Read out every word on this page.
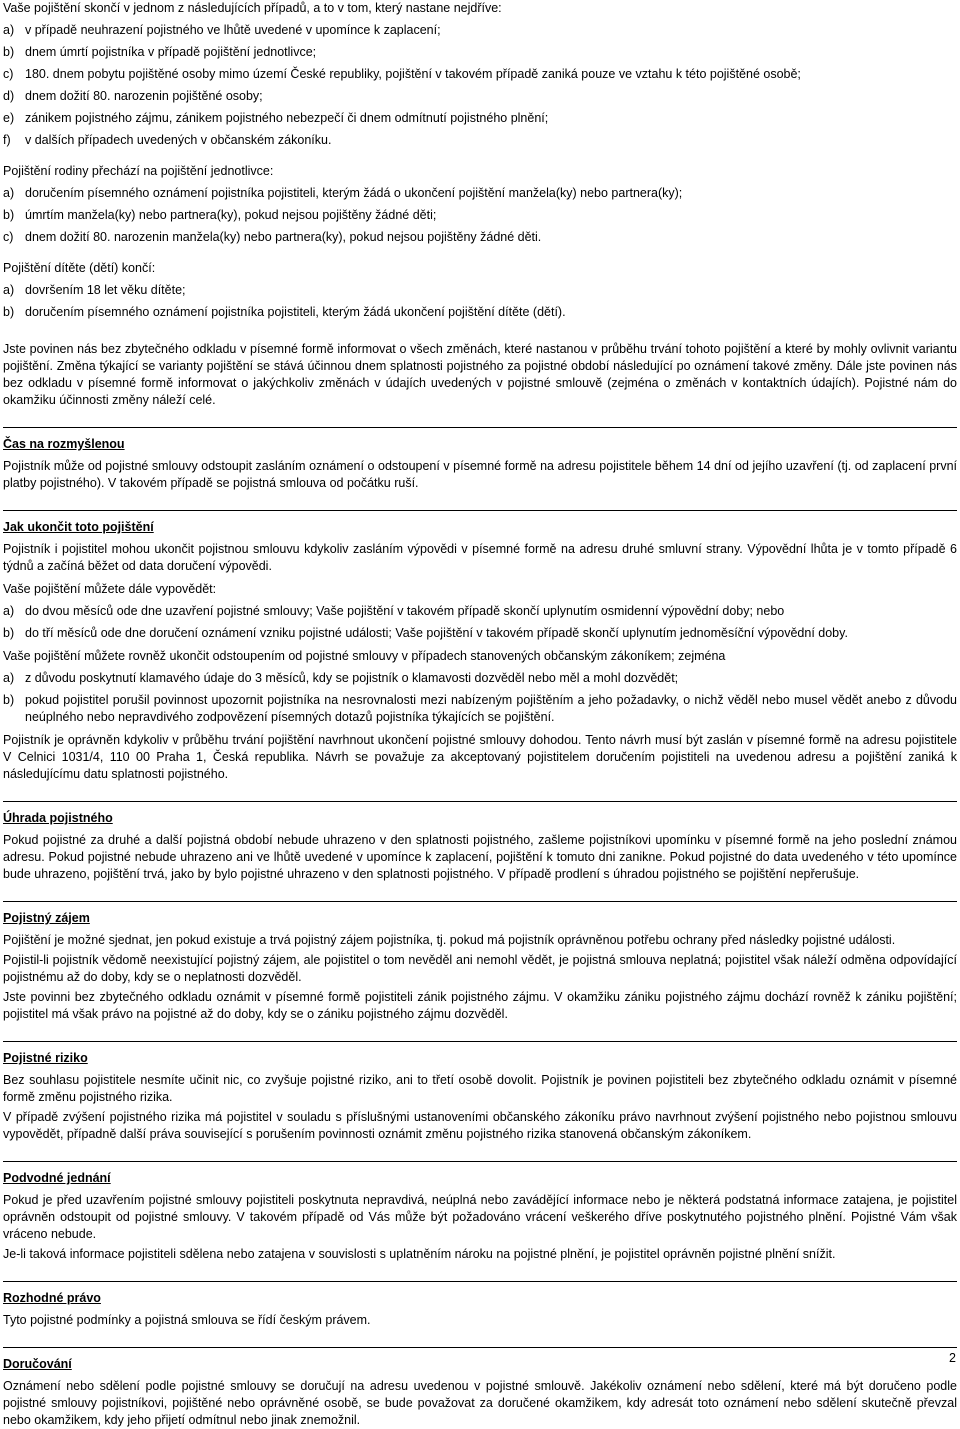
Vaše pojištění skončí v jednom z následujících případů, a to v tom, který nastane nejdříve:

a) v případě neuhrazení pojistného ve lhůtě uvedené v upomínce k zaplacení;
b) dnem úmrtí pojistníka v případě pojištění jednotlivce;
c) 180. dnem pobytu pojištěné osoby mimo území České republiky, pojištění v takovém případě zaniká pouze ve vztahu k této pojištěné osobě;
d) dnem dožití 80. narozenin pojištěné osoby;
e) zánikem pojistného zájmu, zánikem pojistného nebezpečí či dnem odmítnutí pojistného plnění;
f)	v dalších případech uvedených v občanském zákoníku.

Pojištění rodiny přechází na pojištění jednotlivce:

a) doručením písemného oznámení pojistníka pojistiteli, kterým žádá o ukončení pojištění manžela(ky) nebo partnera(ky);
b) úmrtím manžela(ky) nebo partnera(ky), pokud nejsou pojištěny žádné děti;
c) dnem dožití 80. narozenin manžela(ky) nebo partnera(ky), pokud nejsou pojištěny žádné děti.

Pojištění dítěte (dětí) končí:

a) dovršením 18 let věku dítěte;
b) doručením písemného oznámení pojistníka pojistiteli, kterým žádá ukončení pojištění dítěte (dětí).

Jste povinen nás bez zbytečného odkladu v písemné formě informovat o všech změnách, které nastanou v průběhu trvání tohoto pojištění a které by mohly ovlivnit variantu pojištění. Změna týkající se varianty pojištění se stává účinnou dnem splatnosti pojistného za pojistné období následující po oznámení takové změny. Dále jste povinen nás bez odkladu v písemné formě informovat o jakýchkoliv změnách v údajích uvedených v pojistné smlouvě (zejména o změnách v kontaktních údajích). Pojistné nám do okamžiku účinnosti změny náleží celé.

Čas na rozmyšlenou

Pojistník může od pojistné smlouvy odstoupit zasláním oznámení o odstoupení v písemné formě na adresu pojistitele během 14 dní od jejího uzavření (tj. od zaplacení první platby pojistného). V takovém případě se pojistná smlouva od počátku ruší.

Jak ukončit toto pojištění

Pojistník i pojistitel mohou ukončit pojistnou smlouvu kdykoliv zasláním výpovědi v písemné formě na adresu druhé smluvní strany. Výpovědní lhůta je v tomto případě 6 týdnů a začíná běžet od data doručení výpovědi.

Vaše pojištění můžete dále vypovědět:

a) do dvou měsíců ode dne uzavření pojistné smlouvy; Vaše pojištění v takovém případě skončí uplynutím osmidenní výpovědní doby; nebo
b) do tří měsíců ode dne doručení oznámení vzniku pojistné události; Vaše pojištění v takovém případě skončí uplynutím jednoměsíční výpovědní doby.

Vaše pojištění můžete rovněž ukončit odstoupením od pojistné smlouvy v případech stanovených občanským zákoníkem; zejména

a) z důvodu poskytnutí klamavého údaje do 3 měsíců, kdy se pojistník o klamavosti dozvěděl nebo měl a mohl dozvědět;
b) pokud pojistitel porušil povinnost upozornit pojistníka na nesrovnalosti mezi nabízeným pojištěním a jeho požadavky, o nichž věděl nebo musel vědět anebo z důvodu neúplného nebo nepravdivého zodpovězení písemných dotazů pojistníka týkajících se pojištění.

Pojistník je oprávněn kdykoliv v průběhu trvání pojištění navrhnout ukončení pojistné smlouvy dohodou. Tento návrh musí být zaslán v písemné formě na adresu pojistitele V Celnici 1031/4, 110 00 Praha 1, Česká republika. Návrh se považuje za akceptovaný pojistitelem doručením pojistiteli na uvedenou adresu a pojištění zaniká k následujícímu datu splatnosti pojistného.

Úhrada pojistného

Pokud pojistné za druhé a další pojistná období nebude uhrazeno v den splatnosti pojistného, zašleme pojistníkovi upomínku v písemné formě na jeho poslední známou adresu. Pokud pojistné nebude uhrazeno ani ve lhůtě uvedené v upomínce k zaplacení, pojištění k tomuto dni zanikne. Pokud pojistné do data uvedeného v této upomínce bude uhrazeno, pojištění trvá, jako by bylo pojistné uhrazeno v den splatnosti pojistného. V případě prodlení s úhradou pojistného se pojištění nepřerušuje.

Pojistný zájem

Pojištění je možné sjednat, jen pokud existuje a trvá pojistný zájem pojistníka, tj. pokud má pojistník oprávněnou potřebu ochrany před následky pojistné události.

Pojistil-li pojistník vědomě neexistující pojistný zájem, ale pojistitel o tom nevěděl ani nemohl vědět, je pojistná smlouva neplatná; pojistitel však náleží odměna odpovídající pojistnému až do doby, kdy se o neplatnosti dozvěděl.

Jste povinni bez zbytečného odkladu oznámit v písemné formě pojistiteli zánik pojistného zájmu. V okamžiku zániku pojistného zájmu dochází rovněž k zániku pojištění; pojistitel má však právo na pojistné až do doby, kdy se o zániku pojistného zájmu dozvěděl.

Pojistné riziko

Bez souhlasu pojistitele nesmíte učinit nic, co zvyšuje pojistné riziko, ani to třetí osobě dovolit. Pojistník je povinen pojistiteli bez zbytečného odkladu oznámit v písemné formě změnu pojistného rizika.

V případě zvýšení pojistného rizika má pojistitel v souladu s příslušnými ustanoveními občanského zákoníku právo navrhnout zvýšení pojistného nebo pojistnou smlouvu vypovědět, případně další práva související s porušením povinnosti oznámit změnu pojistného rizika stanovená občanským zákoníkem.

Podvodné jednání

Pokud je před uzavřením pojistné smlouvy pojistiteli poskytnuta nepravdivá, neúplná nebo zavádějící informace nebo je některá podstatná informace zatajena, je pojistitel oprávněn odstoupit od pojistné smlouvy. V takovém případě od Vás může být požadováno vrácení veškerého dříve poskytnutého pojistného plnění. Pojistné Vám však vráceno nebude.

Je-li taková informace pojistiteli sdělena nebo zatajena v souvislosti s uplatněním nároku na pojistné plnění, je pojistitel oprávněn pojistné plnění snížit.

Rozhodné právo

Tyto pojistné podmínky a pojistná smlouva se řídí českým právem.

Doručování

Oznámení nebo sdělení podle pojistné smlouvy se doručují na adresu uvedenou v pojistné smlouvě. Jakékoliv oznámení nebo sdělení, které má být doručeno podle pojistné smlouvy pojistníkovi, pojištěné nebo oprávněné osobě, se bude považovat za doručené okamžikem, kdy adresát toto oznámení nebo sdělení skutečně převzal nebo okamžikem, kdy jeho přijetí odmítnul nebo jinak znemožnil.

2
